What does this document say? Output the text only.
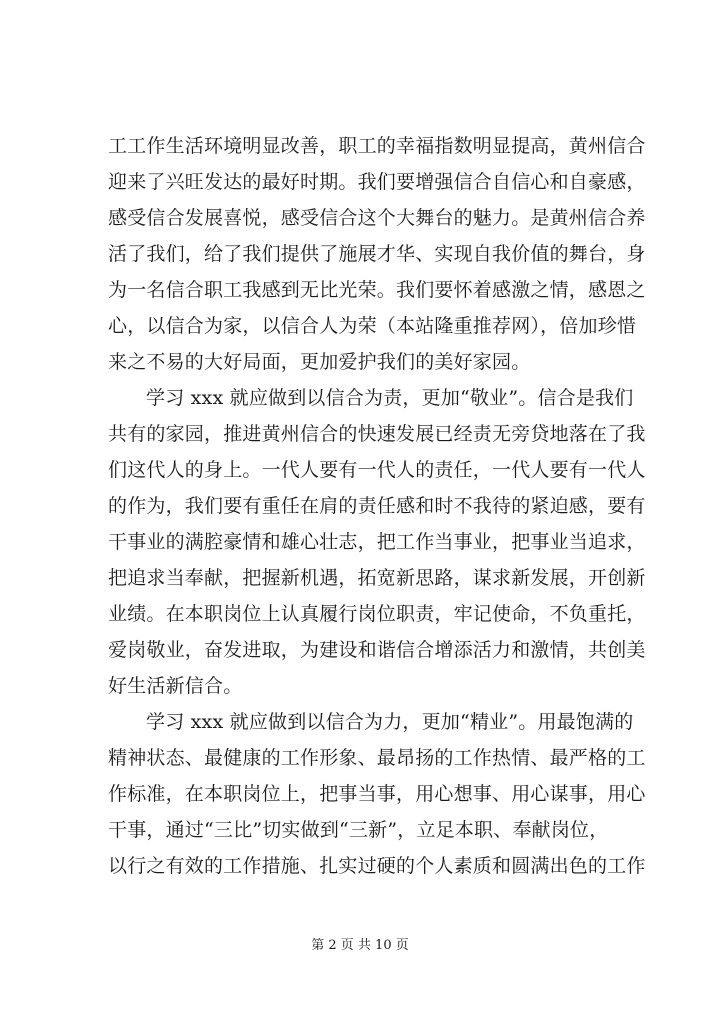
工工作生活环境明显改善，职工的幸福指数明显提高，黄州信合
迎来了兴旺发达的最好时期。我们要增强信合自信心和自豪感，
感受信合发展喜悦，感受信合这个大舞台的魅力。是黄州信合养
活了我们，给了我们提供了施展才华、实现自我价值的舞台，身
为一名信合职工我感到无比光荣。我们要怀着感激之情，感恩之
心，以信合为家，以信合人为荣（本站隆重推荐网），倍加珍惜
来之不易的大好局面，更加爱护我们的美好家园。
学习 xxx 就应做到以信合为责，更加“敬业”。信合是我们
共有的家园，推进黄州信合的快速发展已经责无旁贷地落在了我
们这代人的身上。一代人要有一代人的责任，一代人要有一代人
的作为，我们要有重任在肩的责任感和时不我待的紧迫感，要有
干事业的满腔豪情和雄心壮志，把工作当事业，把事业当追求，
把追求当奉献，把握新机遇，拓宽新思路，谋求新发展，开创新
业绩。在本职岗位上认真履行岗位职责，牢记使命，不负重托，
爱岗敬业，奋发进取，为建设和谐信合增添活力和激情，共创美
好生活新信合。
学习 xxx 就应做到以信合为力，更加“精业”。用最饱满的
精神状态、最健康的工作形象、最昂扬的工作热情、最严格的工
作标准，在本职岗位上，把事当事，用心想事、用心谋事，用心
干事，通过“三比”切实做到“三新”，立足本职、奉献岗位，
以行之有效的工作措施、扎实过硬的个人素质和圆满出色的工作
第 2 页 共 10 页
